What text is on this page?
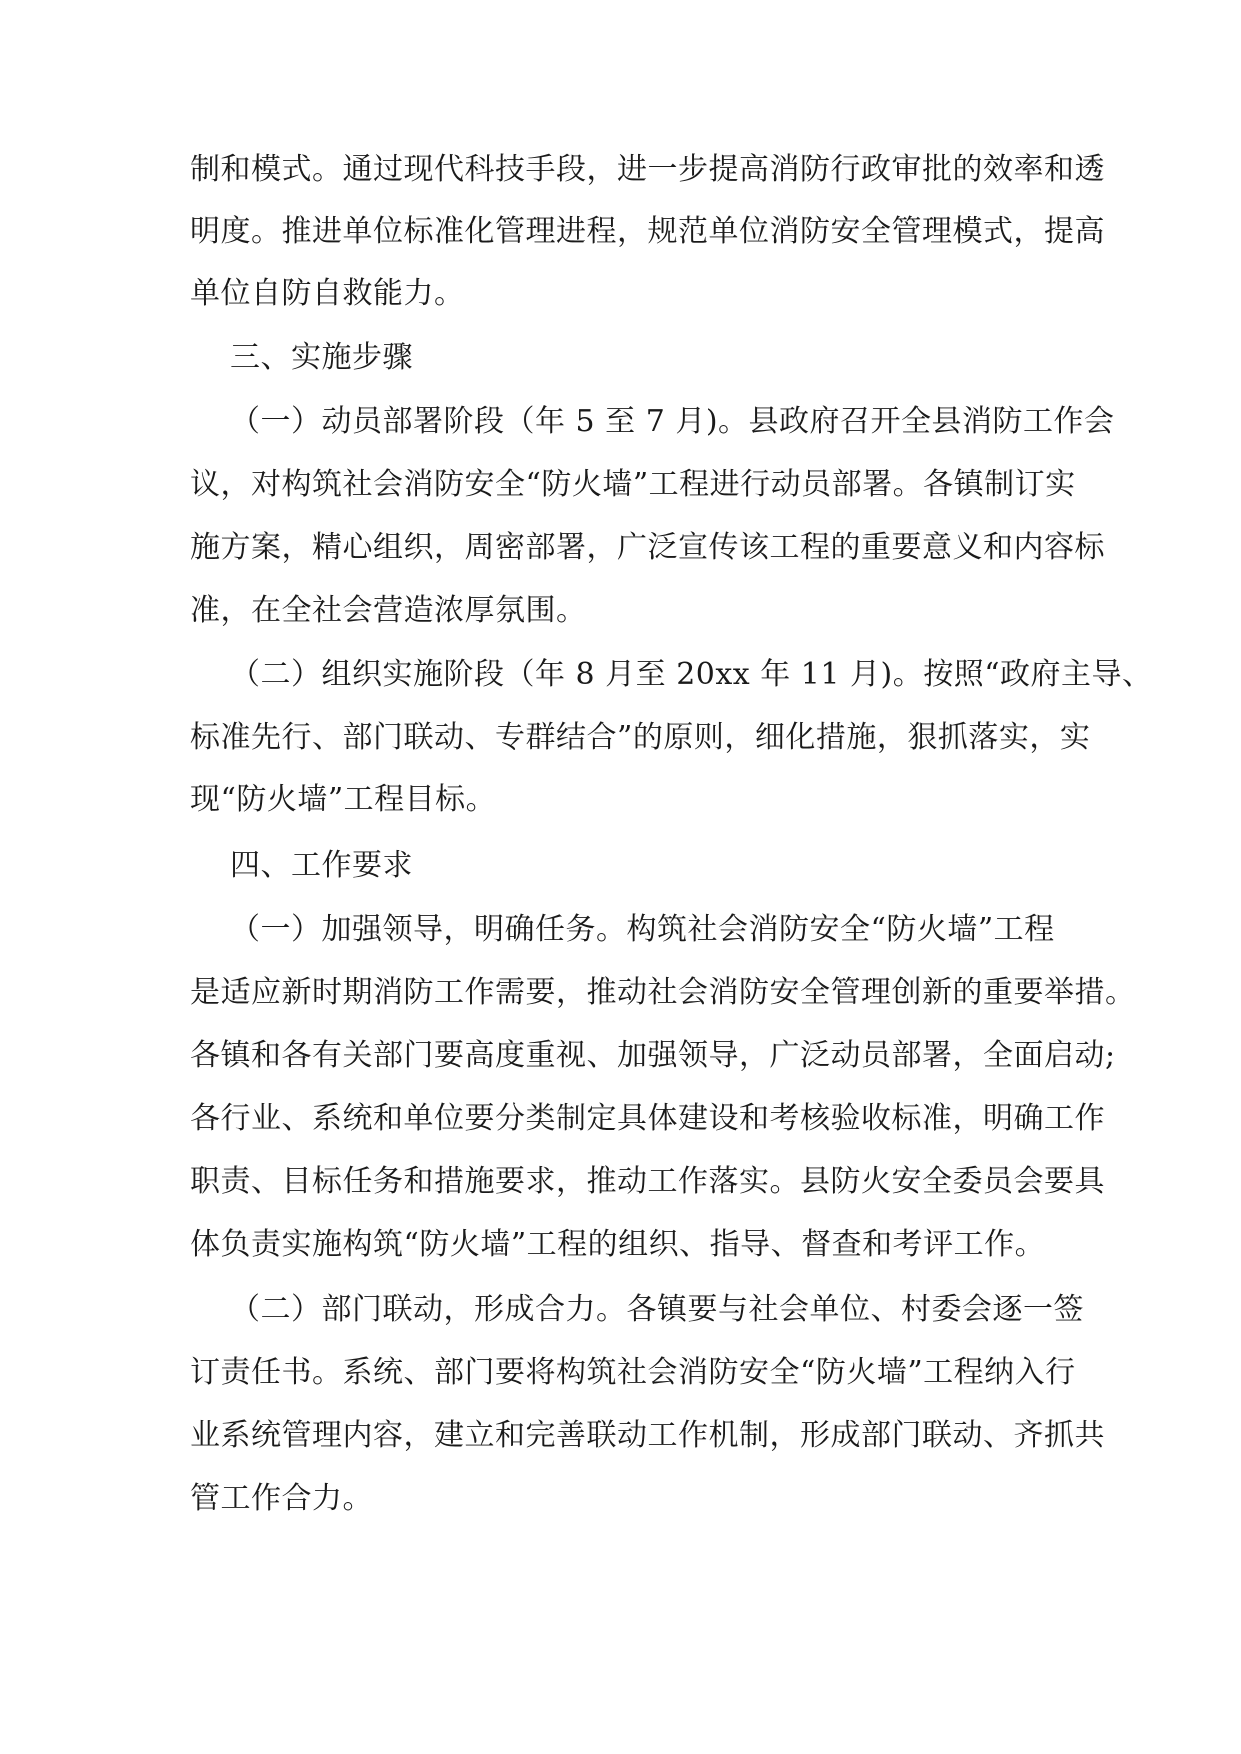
制和模式。通过现代科技手段，进一步提高消防行政审批的效率和透
明度。推进单位标准化管理进程，规范单位消防安全管理模式，提高
单位自防自救能力。
三、实施步骤
（一）动员部署阶段（年 5 至 7 月)。县政府召开全县消防工作会
议，对构筑社会消防安全“防火墙”工程进行动员部署。各镇制订实
施方案，精心组织，周密部署，广泛宣传该工程的重要意义和内容标
准，在全社会营造浓厚氛围。
（二）组织实施阶段（年 8 月至 20xx 年 11 月)。按照“政府主导、
标准先行、部门联动、专群结合”的原则，细化措施，狠抓落实，实
现“防火墙”工程目标。
四、工作要求
（一）加强领导，明确任务。构筑社会消防安全“防火墙”工程
是适应新时期消防工作需要，推动社会消防安全管理创新的重要举措。
各镇和各有关部门要高度重视、加强领导，广泛动员部署，全面启动;
各行业、系统和单位要分类制定具体建设和考核验收标准，明确工作
职责、目标任务和措施要求，推动工作落实。县防火安全委员会要具
体负责实施构筑“防火墙”工程的组织、指导、督查和考评工作。
（二）部门联动，形成合力。各镇要与社会单位、村委会逐一签
订责任书。系统、部门要将构筑社会消防安全“防火墙”工程纳入行
业系统管理内容，建立和完善联动工作机制，形成部门联动、齐抓共
管工作合力。
